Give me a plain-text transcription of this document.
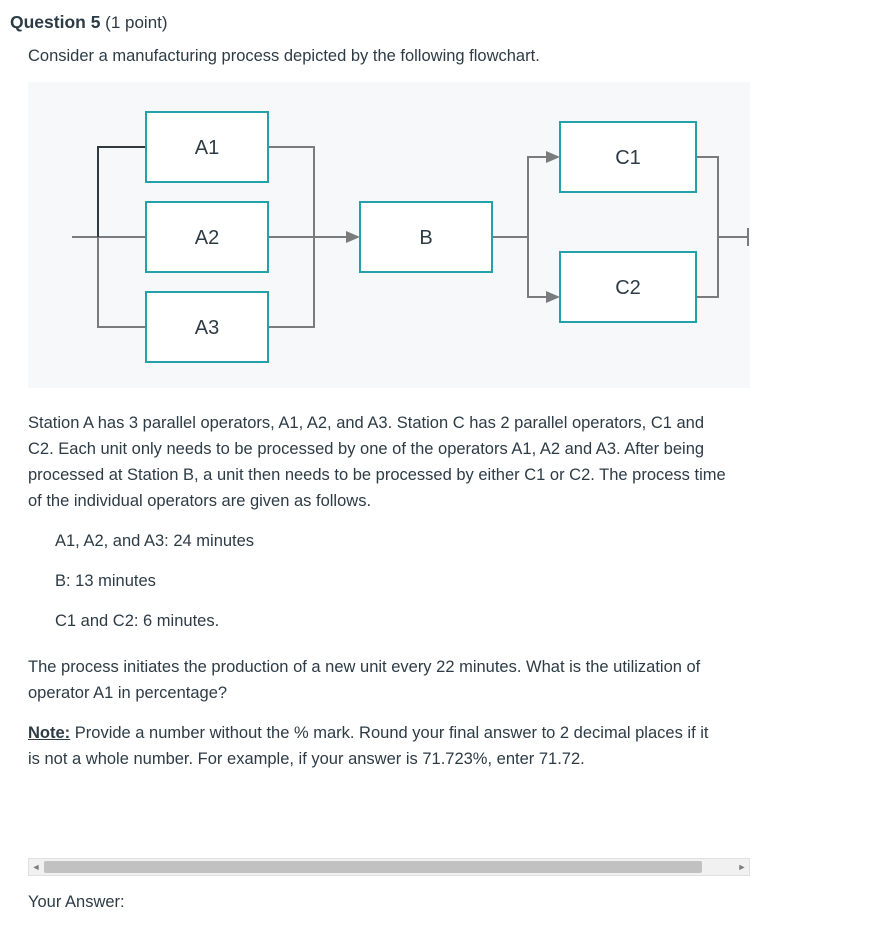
Question 5 (1 point)
Consider a manufacturing process depicted by the following flowchart.
A1
A2
A3
B
C1
C2
Station A has 3 parallel operators, A1, A2, and A3. Station C has 2 parallel operators, C1 and C2. Each unit only needs to be processed by one of the operators A1, A2 and A3. After being processed at Station B, a unit then needs to be processed by either C1 or C2. The process time of the individual operators are given as follows.
A1, A2, and A3: 24 minutes
B: 13 minutes
C1 and C2: 6 minutes.
The process initiates the production of a new unit every 22 minutes. What is the utilization of operator A1 in percentage?
Note: Provide a number without the % mark. Round your final answer to 2 decimal places if it is not a whole number. For example, if your answer is 71.723%, enter 71.72.
◄	►
Your Answer:
